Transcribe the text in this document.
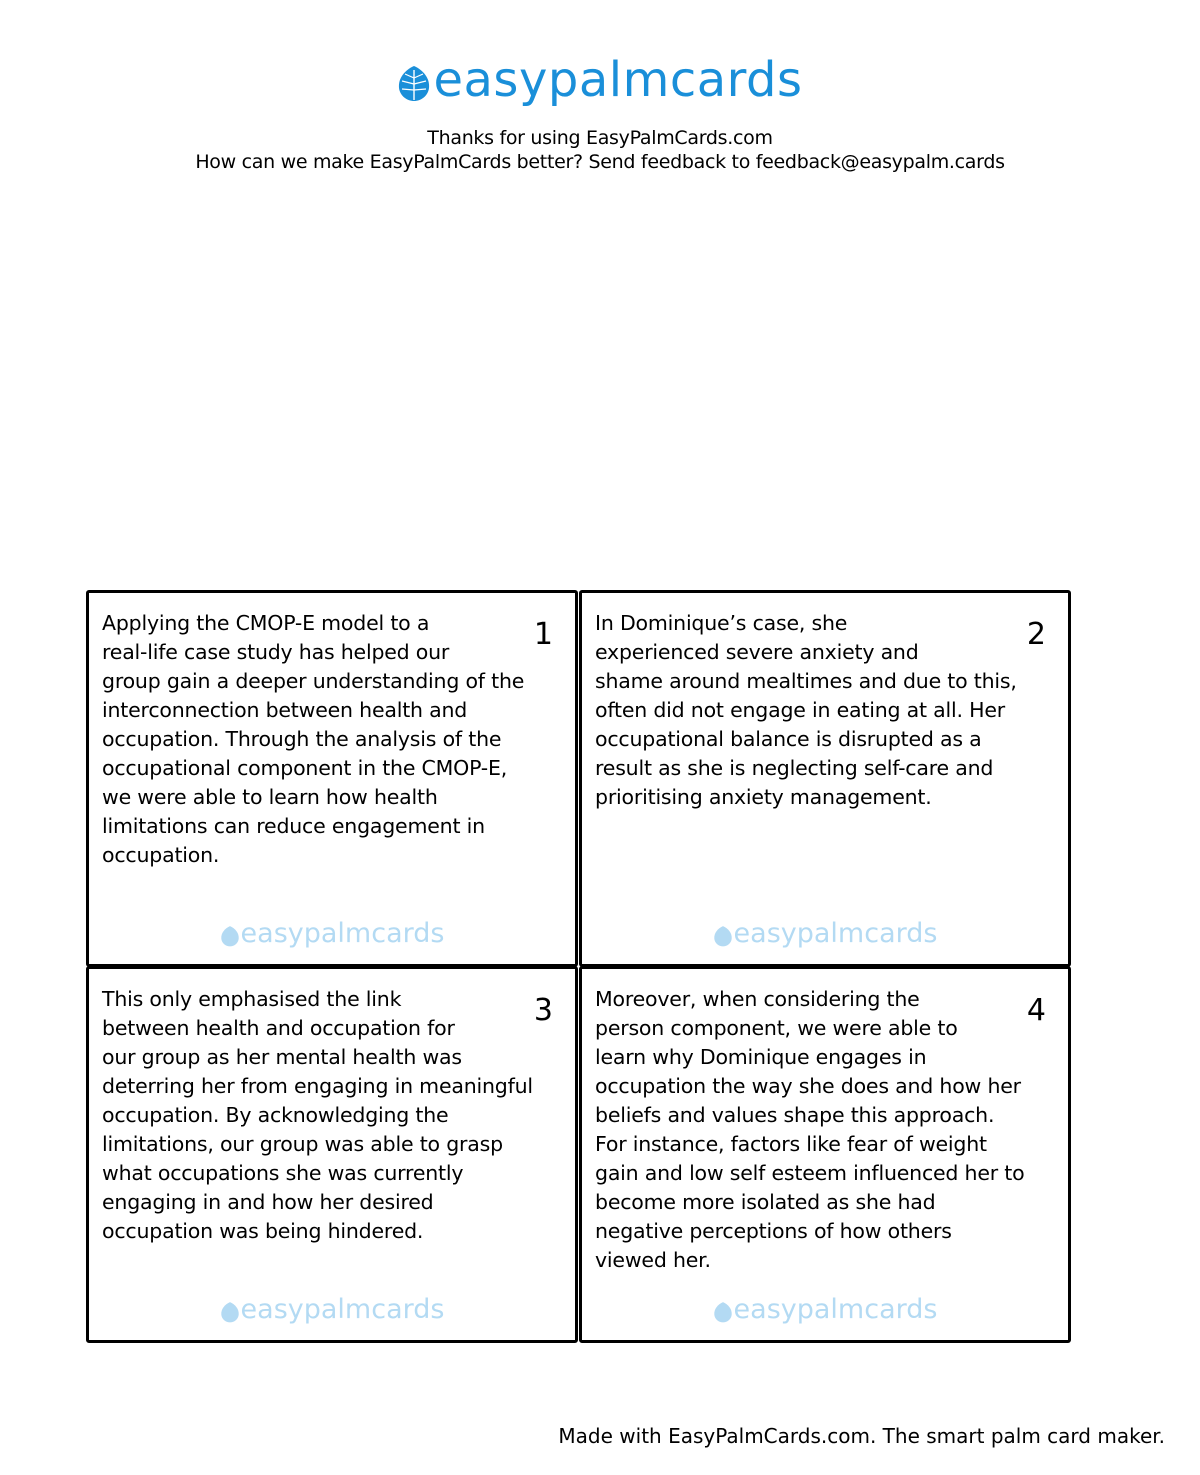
easypalmcards
Thanks for using EasyPalmCards.com
How can we make EasyPalmCards better? Send feedback to feedback@easypalm.cards
Applying the CMOP-E model to a
real-life case study has helped our
group gain a deeper understanding of the
interconnection between health and
occupation. Through the analysis of the
occupational component in the CMOP-E,
we were able to learn how health
limitations can reduce engagement in
occupation.
1
easypalmcards
In Dominique’s case, she
experienced severe anxiety and
shame around mealtimes and due to this,
often did not engage in eating at all. Her
occupational balance is disrupted as a
result as she is neglecting self-care and
prioritising anxiety management.
2
easypalmcards
This only emphasised the link
between health and occupation for
our group as her mental health was
deterring her from engaging in meaningful
occupation. By acknowledging the
limitations, our group was able to grasp
what occupations she was currently
engaging in and how her desired
occupation was being hindered.
3
easypalmcards
Moreover, when considering the
person component, we were able to
learn why Dominique engages in
occupation the way she does and how her
beliefs and values shape this approach.
For instance, factors like fear of weight
gain and low self esteem influenced her to
become more isolated as she had
negative perceptions of how others
viewed her.
4
easypalmcards
Made with EasyPalmCards.com. The smart palm card maker.
